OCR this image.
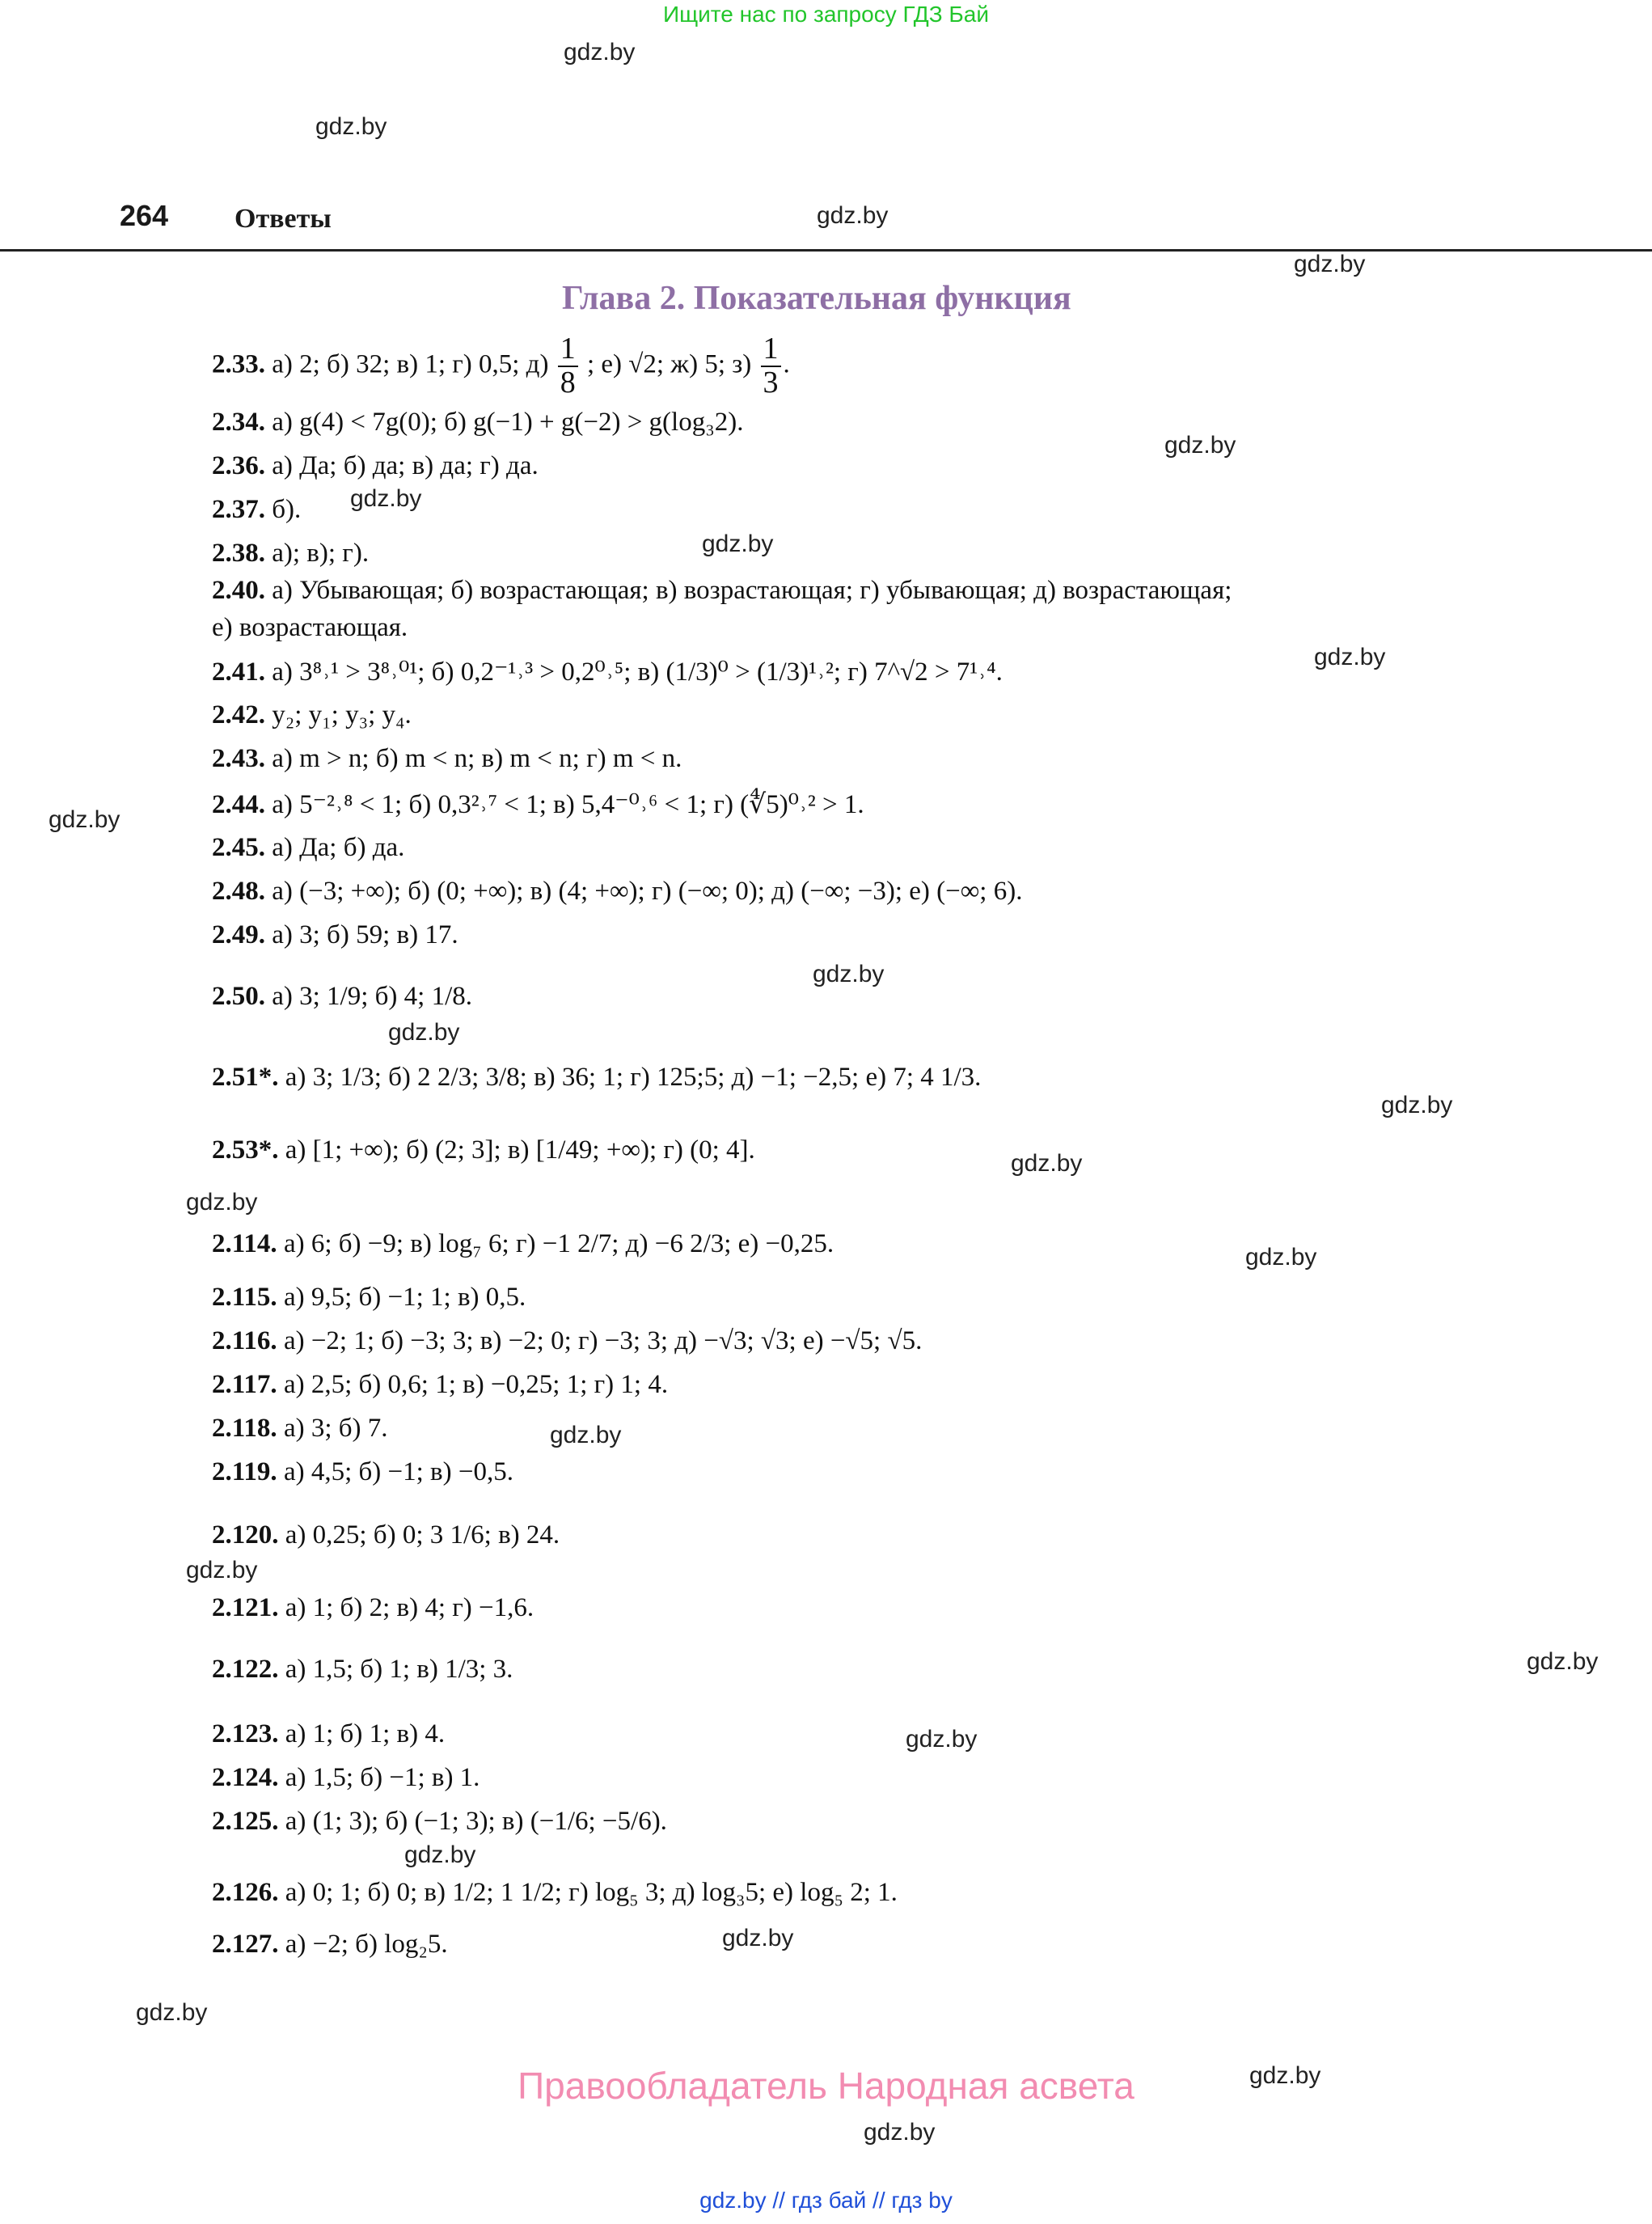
Ищите нас по запросу ГДЗ Бай
264 Ответы
Глава 2. Показательная функция
gdz.by
gdz.by
gdz.by
gdz.by
gdz.by
gdz.by
gdz.by
gdz.by
gdz.by
gdz.by
gdz.by
gdz.by
gdz.by
gdz.by
gdz.by
gdz.by
gdz.by
gdz.by
gdz.by
gdz.by
gdz.by
gdz.by
gdz.by
gdz.by
2.33. а) 2; б) 32; в) 1; г) 0,5; $д) \frac{1}{8}$ ; е) √2; ж) 5; $з) \frac{1}{3}$ .
2.34. а) g(4) < 7g(0); б) g(−1) + g(−2) > g(log₃2).
2.36. а) Да; б) да; в) да; г) да.
2.37. б).
2.38. а); в); г).
2.40. а) Убывающая; б) возрастающая; в) возрастающая; г) убывающая; д) возрастающая;
е) возрастающая.
2.41. а) 3⁸˒¹ > 3⁸˒⁰¹; б) 0,2⁻¹˒³ > 0,2⁰˒⁵; в) (1/3)⁰ > (1/3)¹˒²; г) 7^√2 > 7¹˒⁴.
2.42. y₂; y₁; y₃; y₄.
2.43. а) m > n; б) m < n; в) m < n; г) m < n.
2.44. а) 5⁻²˒⁸ < 1; б) 0,3²˒⁷ < 1; в) 5,4⁻⁰˒⁶ < 1; г) (∜5)⁰˒² > 1.
2.45. а) Да; б) да.
2.48. а) (−3; +∞); б) (0; +∞); в) (4; +∞); г) (−∞; 0); д) (−∞; −3); е) (−∞; 6).
2.49. а) 3; б) 59; в) 17.
2.50. а) 3; 1/9; б) 4; 1/8.
2.51*. а) 3; 1/3; б) 2 2/3; 3/8; в) 36; 1; г) 125;5; д) −1; −2,5; е) 7; 4 1/3.
2.53*. а) [1; +∞); б) (2; 3]; в) [1/49; +∞); г) (0; 4].
2.114. а) 6; б) −9; в) log₇ 6; г) −1 2/7; д) −6 2/3; е) −0,25.
2.115. а) 9,5; б) −1; 1; в) 0,5.
2.116. а) −2; 1; б) −3; 3; в) −2; 0; г) −3; 3; д) −√3; √3; е) −√5; √5.
2.117. а) 2,5; б) 0,6; 1; в) −0,25; 1; г) 1; 4.
2.118. а) 3; б) 7.
2.119. а) 4,5; б) −1; в) −0,5.
2.120. а) 0,25; б) 0; 3 1/6; в) 24.
2.121. а) 1; б) 2; в) 4; г) −1,6.
2.122. а) 1,5; б) 1; в) 1/3; 3.
2.123. а) 1; б) 1; в) 4.
2.124. а) 1,5; б) −1; в) 1.
2.125. а) (1; 3); б) (−1; 3); в) (−1/6; −5/6).
2.126. а) 0; 1; б) 0; в) 1/2; 1 1/2; г) log₅ 3; д) log₃5; е) log₅ 2; 1.
2.127. а) −2; б) log₂5.
Правообладатель Народная асвета
gdz.by // гдз бай // гдз by
